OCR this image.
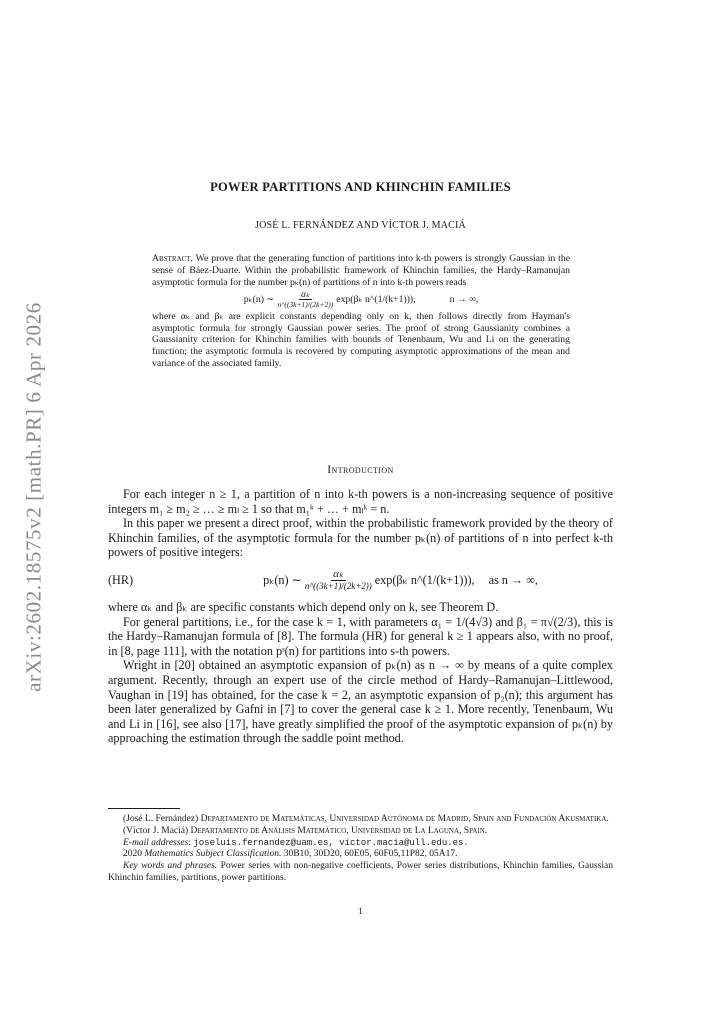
arXiv:2602.18575v2 [math.PR] 6 Apr 2026
POWER PARTITIONS AND KHINCHIN FAMILIES
JOSÉ L. FERNÁNDEZ AND VÍCTOR J. MACIÁ
Abstract. We prove that the generating function of partitions into k-th powers is strongly Gaussian in the sense of Báez-Duarte. Within the probabilistic framework of Khinchin families, the Hardy–Ramanujan asymptotic formula for the number pₖ(n) of partitions of n into k-th powers reads
pₖ(n) ∼ $\frac{\text{αₖ}}{n\^{}((3k+1)/(2k+2))} \exp(\beta_k$ n^(1/(k+1))),	n → ∞,
where αₖ and βₖ are explicit constants depending only on k, then follows directly from Hayman's asymptotic formula for strongly Gaussian power series. The proof of strong Gaussianity combines a Gaussianity criterion for Khinchin families with bounds of Tenenbaum, Wu and Li on the generating function; the asymptotic formula is recovered by computing asymptotic approximations of the mean and variance of the associated family.
Introduction

For each integer n ≥ 1, a partition of n into k-th powers is a non-increasing sequence of positive integers m₁ ≥ m₂ ≥ … ≥ mₗ ≥ 1 so that m₁ᵏ + … + mₗᵏ = n.

In this paper we present a direct proof, within the probabilistic framework provided by the theory of Khinchin families, of the asymptotic formula for the number pₖ(n) of partitions of n into perfect k-th powers of positive integers:

(HR)	pₖ(n) ∼ $\frac{\text{αₖ}}{n\^{}((3k+1)/(2k+2))} \exp(\beta_k$ n^(1/(k+1))), as n → ∞,

where αₖ and βₖ are specific constants which depend only on k, see Theorem D.

For general partitions, i.e., for the case k = 1, with parameters α₁ = 1/(4√3) and β₁ = π√(2/3), this is the Hardy–Ramanujan formula of [8]. The formula (HR) for general k ≥ 1 appears also, with no proof, in [8, page 111], with the notation pˢ(n) for partitions into s-th powers.

Wright in [20] obtained an asymptotic expansion of pₖ(n) as n → ∞ by means of a quite complex argument. Recently, through an expert use of the circle method of Hardy–Ramanujan–Littlewood, Vaughan in [19] has obtained, for the case k = 2, an asymptotic expansion of p₂(n); this argument has been later generalized by Gafni in [7] to cover the general case k ≥ 1. More recently, Tenenbaum, Wu and Li in [16], see also [17], have greatly simplified the proof of the asymptotic expansion of pₖ(n) by approaching the estimation through the saddle point method.

(José L. Fernández) Departamento de Matemáticas, Universidad Autónoma de Madrid, Spain and Fundación Akusmatika.

(Víctor J. Maciá) Departamento de Análisis Matemático, Universidad de La Laguna, Spain.

E-mail addresses: joseluis.fernandez@uam.es, victor.macia@ull.edu.es.

2020 Mathematics Subject Classification. 30B10, 30D20, 60E05, 60F05,11P82, 05A17.

Key words and phrases. Power series with non-negative coefficients, Power series distributions, Khinchin families, Gaussian Khinchin families, partitions, power partitions.

1
